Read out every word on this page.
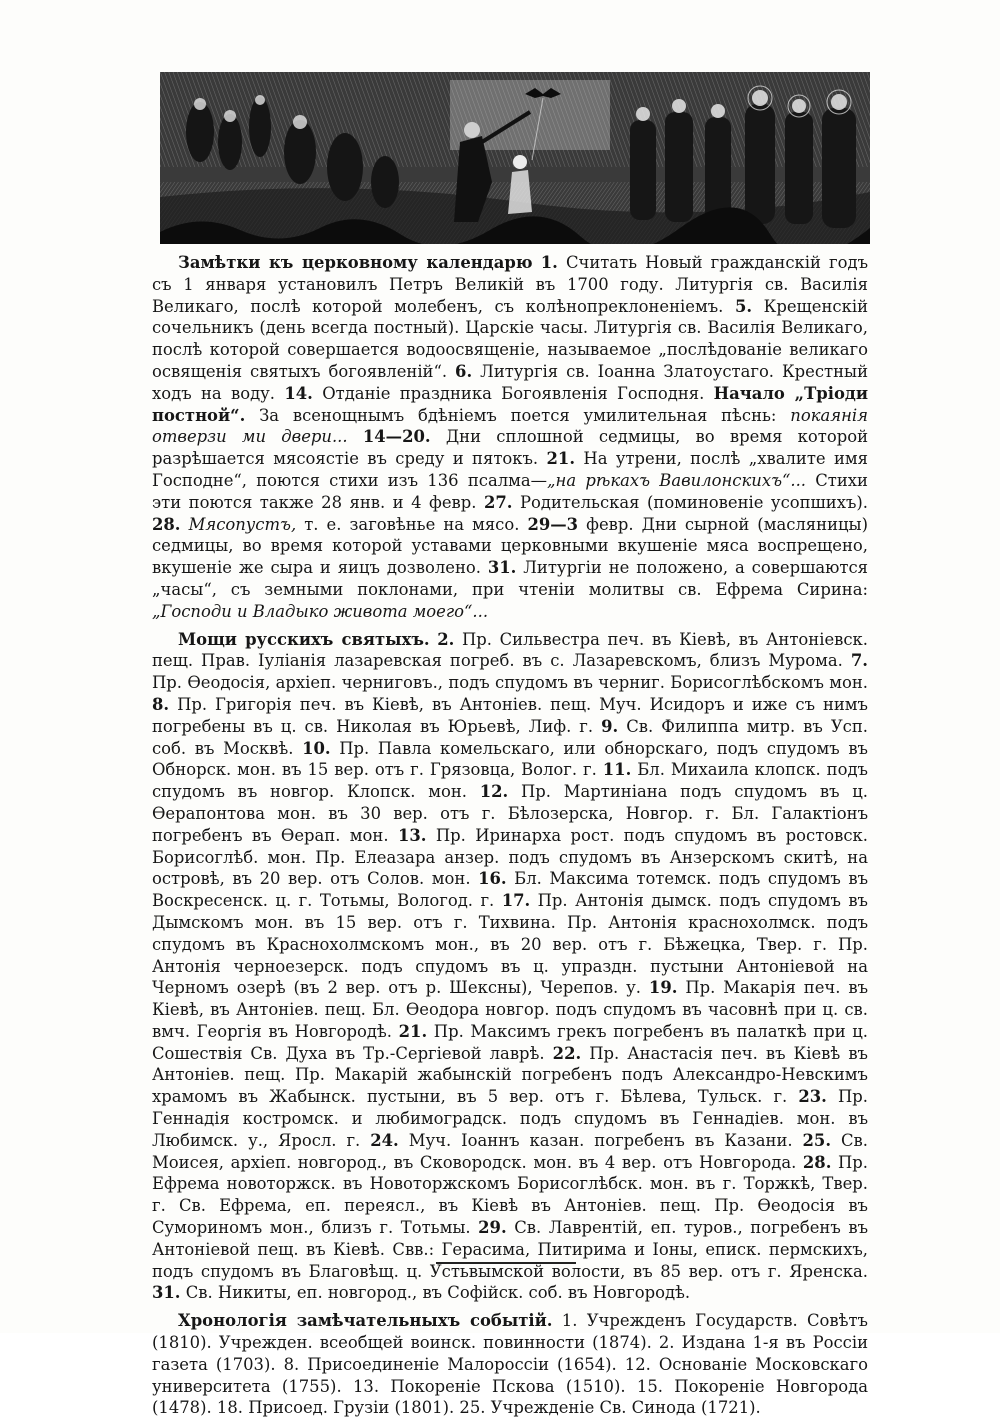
Замѣтки къ церковному календарю 1. Считать Новый гражданскій годъ съ 1 января установилъ Петръ Великій въ 1700 году. Литургія св. Василія Великаго, послѣ которой молебенъ, съ колѣнопреклоненіемъ. 5. Крещенскій сочельникъ (день всегда постный). Царскіе часы. Литургія св. Василія Великаго, послѣ которой совершается водоосвященіе, называемое „послѣдованіе великаго освященія святыхъ богоявленій“. 6. Литургія св. Іоанна Златоустаго. Крестный ходъ на воду. 14. Отданіе праздника Богоявленія Господня. Начало „Тріоди постной“. За всенощнымъ бдѣніемъ поется умилительная пѣснь: покаянія отверзи ми двери... 14—20. Дни сплошной седмицы, во время которой разрѣшается мясоястіе въ среду и пятокъ. 21. На утрени, послѣ „хвалите имя Господне“, поются стихи изъ 136 псалма—„на рѣкахъ Вавилонскихъ“... Стихи эти поются также 28 янв. и 4 февр. 27. Родительская (поминовеніе усопшихъ). 28. Мясопустъ, т. е. заговѣнье на мясо. 29—3 февр. Дни сырной (масляницы) седмицы, во время которой уставами церковными вкушеніе мяса воспрещено, вкушеніе же сыра и яицъ дозволено. 31. Литургіи не положено, а совершаются „часы“, съ земными поклонами, при чтеніи молитвы св. Ефрема Сирина: „Господи и Владыко живота моего“...

Мощи русскихъ святыхъ. 2. Пр. Сильвестра печ. въ Кіевѣ, въ Антоніевск. пещ. Прав. Іуліанія лазаревская погреб. въ с. Лазаревскомъ, близъ Мурома. 7. Пр. Ѳеодосія, архіеп. черниговъ., подъ спудомъ въ черниг. Борисоглѣбскомъ мон. 8. Пр. Григорія печ. въ Кіевѣ, въ Антоніев. пещ. Муч. Исидоръ и иже съ нимъ погребены въ ц. св. Николая въ Юрьевѣ, Лиф. г. 9. Св. Филиппа митр. въ Усп. соб. въ Москвѣ. 10. Пр. Павла комельскаго, или обнорскаго, подъ спудомъ въ Обнорск. мон. въ 15 вер. отъ г. Грязовца, Волог. г. 11. Бл. Михаила клопск. подъ спудомъ въ новгор. Клопск. мон. 12. Пр. Мартиніана подъ спудомъ въ ц. Ѳерапонтова мон. въ 30 вер. отъ г. Бѣлозерска, Новгор. г. Бл. Галактіонъ погребенъ въ Ѳерап. мон. 13. Пр. Иринарха рост. подъ спудомъ въ ростовск. Борисоглѣб. мон. Пр. Елеазара анзер. подъ спудомъ въ Анзерскомъ скитѣ, на островѣ, въ 20 вер. отъ Солов. мон. 16. Бл. Максима тотемск. подъ спудомъ въ Воскресенск. ц. г. Тотьмы, Вологод. г. 17. Пр. Антонія дымск. подъ спудомъ въ Дымскомъ мон. въ 15 вер. отъ г. Тихвина. Пр. Антонія краснохолмск. подъ спудомъ въ Краснохолмскомъ мон., въ 20 вер. отъ г. Бѣжецка, Твер. г. Пр. Антонія черноезерск. подъ спудомъ въ ц. упраздн. пустыни Антоніевой на Черномъ озерѣ (въ 2 вер. отъ р. Шексны), Черепов. у. 19. Пр. Макарія печ. въ Кіевѣ, въ Антоніев. пещ. Бл. Ѳеодора новгор. подъ спудомъ въ часовнѣ при ц. св. вмч. Георгія въ Новгородѣ. 21. Пр. Максимъ грекъ погребенъ въ палаткѣ при ц. Сошествія Св. Духа въ Тр.-Сергіевой лаврѣ. 22. Пр. Анастасія печ. въ Кіевѣ въ Антоніев. пещ. Пр. Макарій жабынскій погребенъ подъ Александро-Невскимъ храмомъ въ Жабынск. пустыни, въ 5 вер. отъ г. Бѣлева, Тульск. г. 23. Пр. Геннадія костромск. и любимоградск. подъ спудомъ въ Геннадіев. мон. въ Любимск. у., Яросл. г. 24. Муч. Іоаннъ казан. погребенъ въ Казани. 25. Св. Моисея, архіеп. новгород., въ Сковородск. мон. въ 4 вер. отъ Новгорода. 28. Пр. Ефрема новоторжск. въ Новоторжскомъ Борисоглѣбск. мон. въ г. Торжкѣ, Твер. г. Св. Ефрема, еп. переясл., въ Кіевѣ въ Антоніев. пещ. Пр. Ѳеодосія въ Сумориномъ мон., близъ г. Тотьмы. 29. Св. Лаврентій, еп. туров., погребенъ въ Антоніевой пещ. въ Кіевѣ. Свв.: Герасима, Питирима и Іоны, еписк. пермскихъ, подъ спудомъ въ Благовѣщ. ц. Устьвымской волости, въ 85 вер. отъ г. Яренска. 31. Св. Никиты, еп. новгород., въ Софійск. соб. въ Новгородѣ.

Хронологія замѣчательныхъ событій. 1. Учрежденъ Государств. Совѣтъ (1810). Учрежден. всеобщей воинск. повинности (1874). 2. Издана 1-я въ Россіи газета (1703). 8. Присоединеніе Малороссіи (1654). 12. Основаніе Московскаго университета (1755). 13. Покореніе Пскова (1510). 15. Покореніе Новгорода (1478). 18. Присоед. Грузіи (1801). 25. Учрежденіе Св. Синода (1721).
